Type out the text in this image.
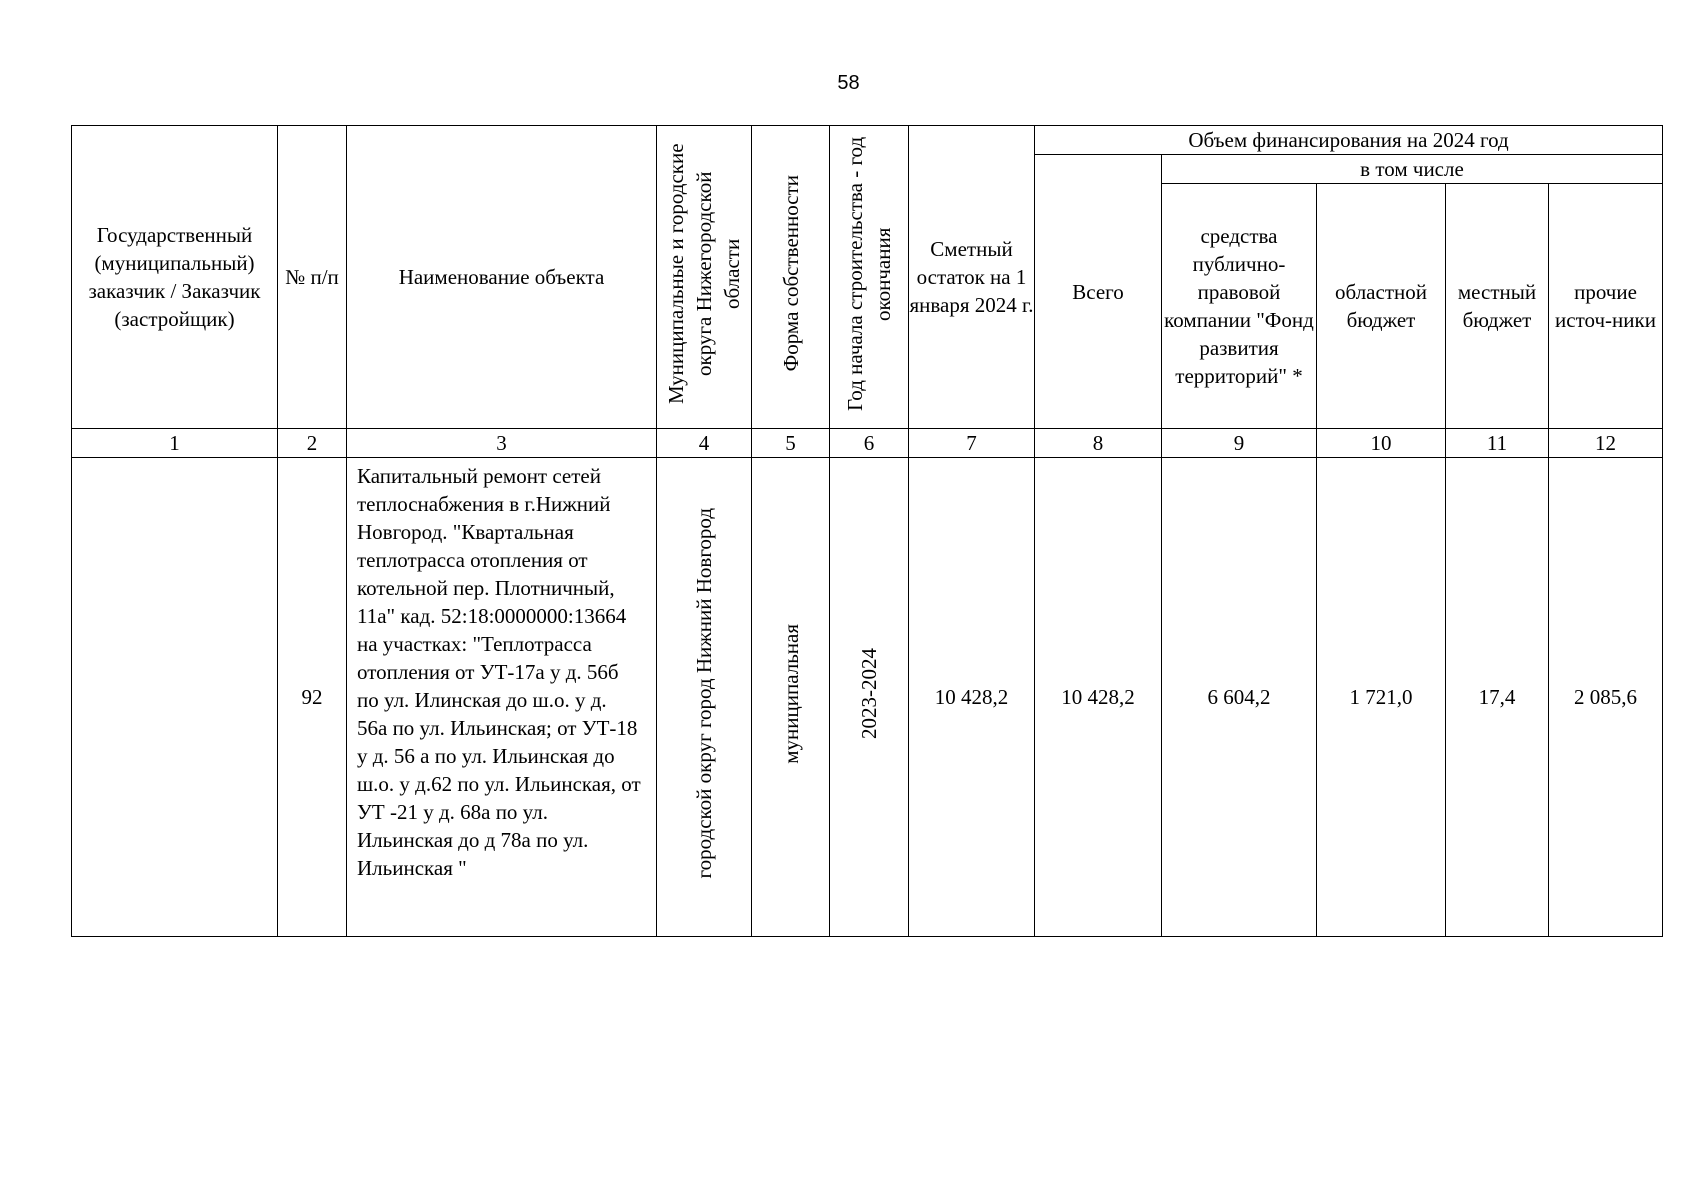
58
Государственный (муниципальный) заказчик / Заказчик (застройщик)	№ п/п	Наименование объекта	Муниципальные и городские округа Нижегородской области	Форма собственности	Год начала строительства - год окончания	Сметный остаток на 1 января 2024 г.	Объем финансирования на 2024 год				
							Всего	в том числе			
								средства публично-правовой компании "Фонд развития территорий" *	областной бюджет	местный бюджет	прочие источ-ники
1	2	3	4	5	6	7	8	9	10	11	12
	92	Капитальный ремонт сетей теплоснабжения в г.Нижний Новгород. "Квартальная теплотрасса отопления от котельной пер. Плотничный, 11а" кад. 52:18:0000000:13664 на участках: "Теплотрасса отопления от УТ-17а у д. 56б по ул. Илинская до ш.о. у д. 56а по ул. Ильинская; от УТ-18 у д. 56 а по ул. Ильинская до ш.о. у д.62 по ул. Ильинская, от УТ -21 у д. 68а по ул. Ильинская до д 78а по ул. Ильинская "	городской округ город Нижний Новгород	муниципальная	2023-2024	10 428,2	10 428,2	6 604,2	1 721,0	17,4	2 085,6
